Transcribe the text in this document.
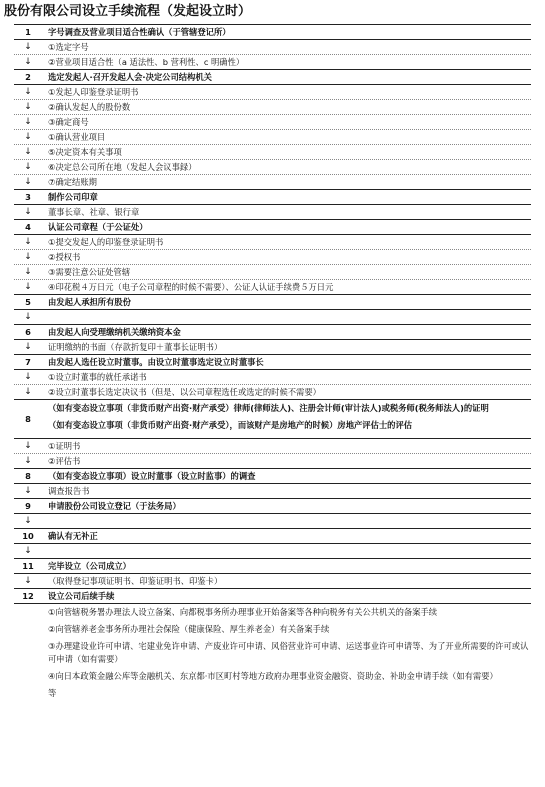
股份有限公司设立手续流程（发起设立时）
1	字号调查及营业项目适合性确认（于管辖登记所）
↓	①选定字号
↓	②营业项目适合性（a 适法性、b 营利性、c 明确性）
2	选定发起人·召开发起人会·决定公司结构机关
↓	①发起人印鉴登录证明书
↓	②确认发起人的股份数
↓	③确定商号
↓	①确认营业项目
↓	⑤决定资本有关事项
↓	⑥决定总公司所在地（发起人会议事録）
↓	⑦确定结账期
3	制作公司印章
↓	董事长章、社章、银行章
4	认证公司章程（于公证处）
↓	①提交发起人的印鉴登录证明书
↓	②授权书
↓	③需要注意公证处管辖
↓	④印花税４万日元（电子公司章程的时候不需要）、公证人认证手续费５万日元
5	由发起人承担所有股份
↓
6	由发起人向受理缴纳机关缴纳资本金
↓	证明缴纳的书面（存款折复印＋董事长证明书）
7	由发起人选任设立时董事。由设立时董事选定设立时董事长
↓	①设立时董事的就任承诺书
↓	②设立时董事长选定决议书（但是、以公司章程选任或选定的时候不需要）
8
（如有变态设立事项（非货币财产出资·财产承受）律师(律师法人)、注册会计师(审计法人)或税务师(税务师法人)的证明
（如有变态设立事项（非货币财产出资·财产承受），而该财产是房地产的时候）房地产评估士的评估
↓	①证明书
↓	②评估书
8	（如有变态设立事项）设立时董事（设立时监事）的调查
↓	调查报告书
9	申请股份公司设立登记（于法务局）
↓
10	确认有无补正
↓
11	完毕设立（公司成立）
↓	（取得登记事项证明书、印鉴证明书、印鉴卡）
12	设立公司后续手续
①向管辖税务署办理法人设立备案、向都税事务所办理事业开始备案等各种向税务有关公共机关的备案手续
②向管辖养老金事务所办理社会保险（健康保险、厚生养老金）有关备案手续
③办理建设业许可申请、宅建业免许申请、产废业许可申请、风俗营业许可申请、运送事业许可申请等、为了开业所需要的许可或认可申请（如有需要）
④向日本政策金融公库等金融机关、东京都·市区町村等地方政府办理事业资金融资、资助金、补助金申请手续（如有需要）
等
